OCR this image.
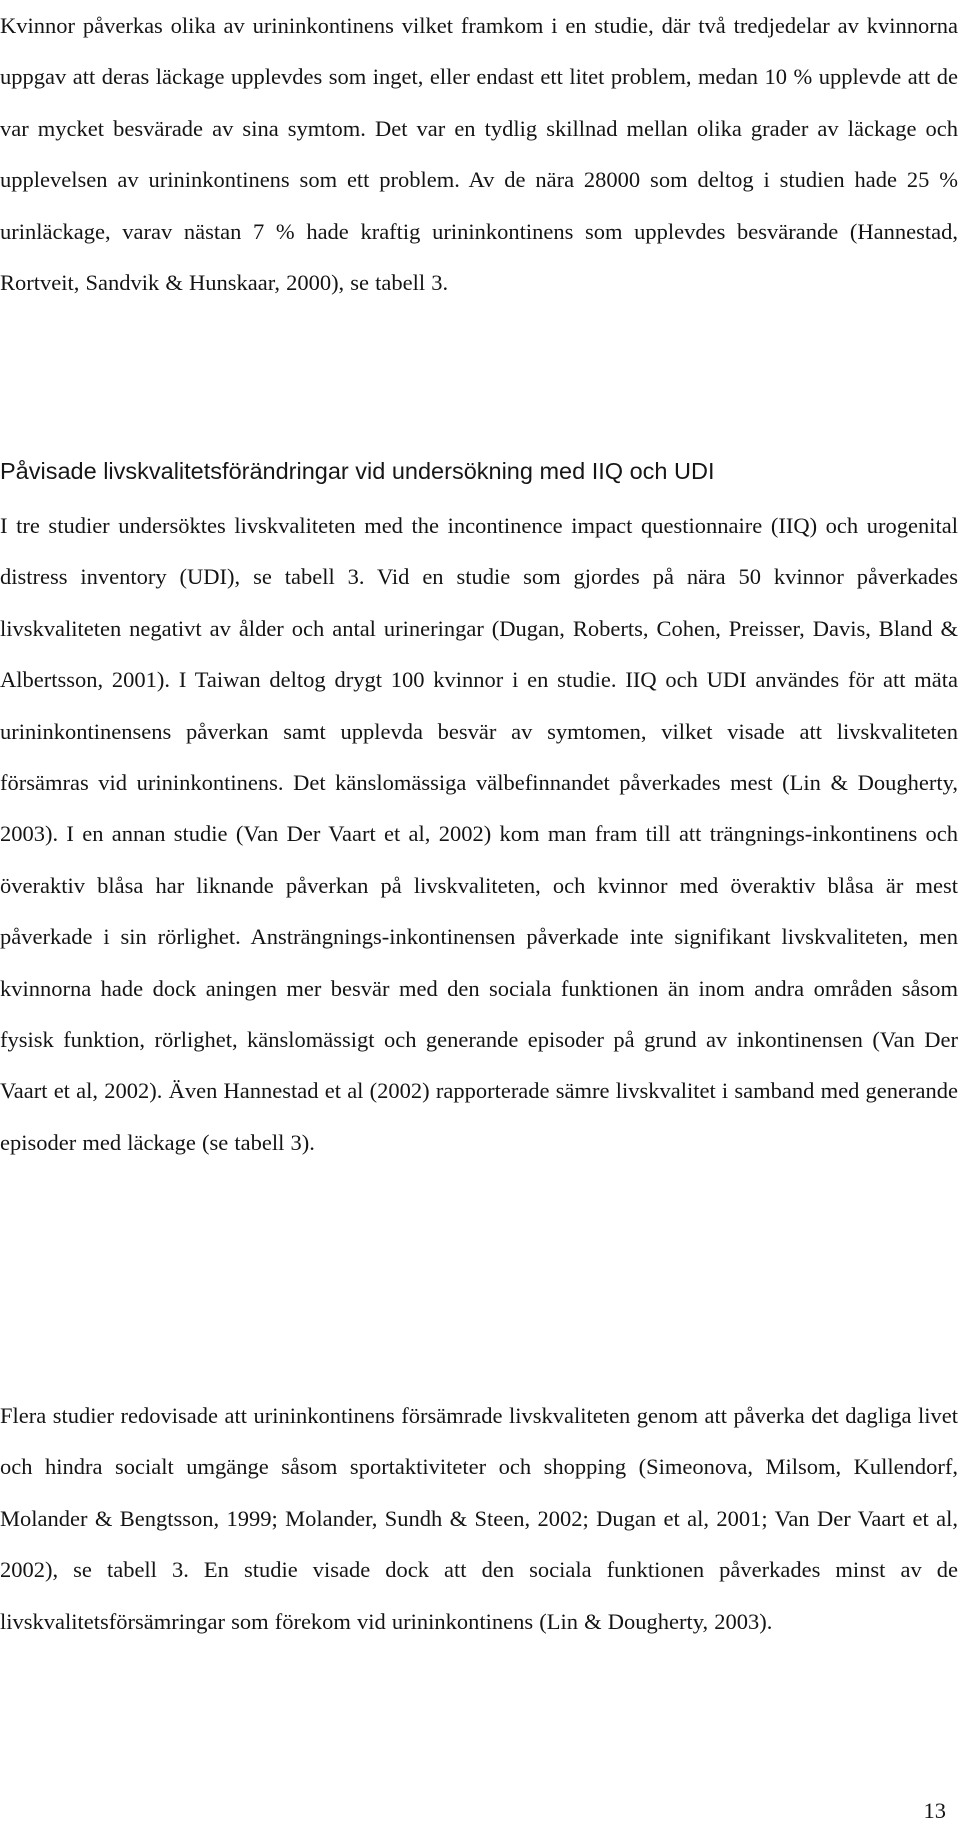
Kvinnor påverkas olika av urininkontinens vilket framkom i en studie, där två tredjedelar av kvinnorna uppgav att deras läckage upplevdes som inget, eller endast ett litet problem, medan 10 % upplevde att de var mycket besvärade av sina symtom. Det var en tydlig skillnad mellan olika grader av läckage och upplevelsen av urininkontinens som ett problem. Av de nära 28000 som deltog i studien hade 25 % urinläckage, varav nästan 7 % hade kraftig urininkontinens som upplevdes besvärande (Hannestad, Rortveit, Sandvik & Hunskaar, 2000), se tabell 3.

Påvisade livskvalitetsförändringar vid undersökning med IIQ och UDI

I tre studier undersöktes livskvaliteten med the incontinence impact questionnaire (IIQ) och urogenital distress inventory (UDI), se tabell 3. Vid en studie som gjordes på nära 50 kvinnor påverkades livskvaliteten negativt av ålder och antal urineringar (Dugan, Roberts, Cohen, Preisser, Davis, Bland & Albertsson, 2001). I Taiwan deltog drygt 100 kvinnor i en studie. IIQ och UDI användes för att mäta urininkontinensens påverkan samt upplevda besvär av symtomen, vilket visade att livskvaliteten försämras vid urininkontinens. Det känslomässiga välbefinnandet påverkades mest (Lin & Dougherty, 2003). I en annan studie (Van Der Vaart et al, 2002) kom man fram till att trängnings-inkontinens och överaktiv blåsa har liknande påverkan på livskvaliteten, och kvinnor med överaktiv blåsa är mest påverkade i sin rörlighet. Ansträngnings-inkontinensen påverkade inte signifikant livskvaliteten, men kvinnorna hade dock aningen mer besvär med den sociala funktionen än inom andra områden såsom fysisk funktion, rörlighet, känslomässigt och generande episoder på grund av inkontinensen (Van Der Vaart et al, 2002). Även Hannestad et al (2002) rapporterade sämre livskvalitet i samband med generande episoder med läckage (se tabell 3).

Flera studier redovisade att urininkontinens försämrade livskvaliteten genom att påverka det dagliga livet och hindra socialt umgänge såsom sportaktiviteter och shopping (Simeonova, Milsom, Kullendorf, Molander & Bengtsson, 1999; Molander, Sundh & Steen, 2002; Dugan et al, 2001; Van Der Vaart et al, 2002), se tabell 3. En studie visade dock att den sociala funktionen påverkades minst av de livskvalitetsförsämringar som förekom vid urininkontinens (Lin & Dougherty, 2003).

13
